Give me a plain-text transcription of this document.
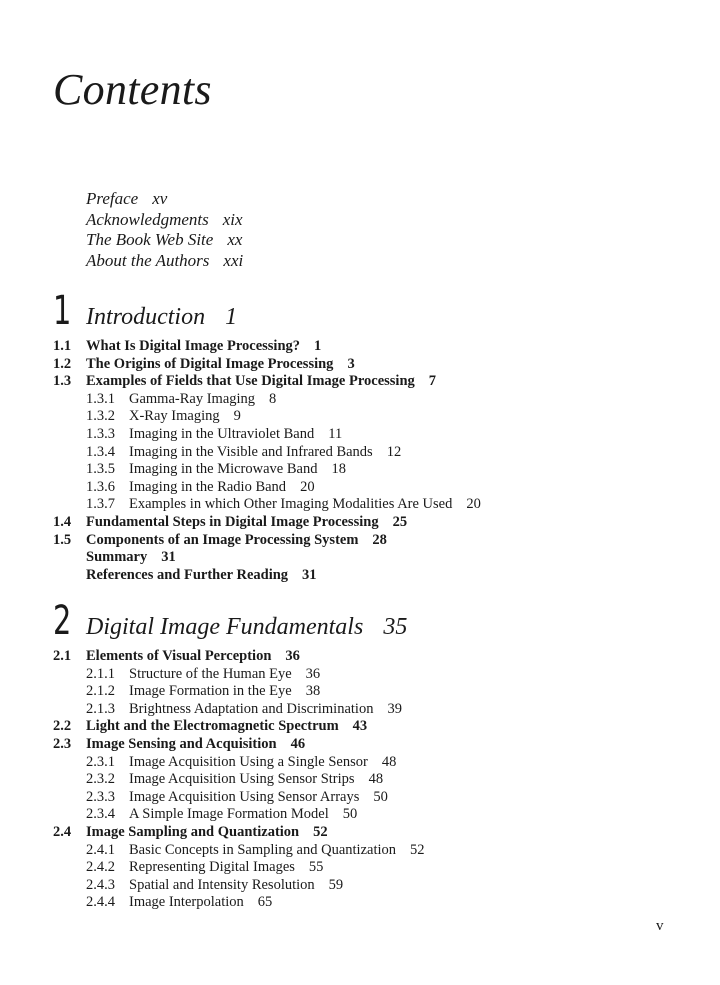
Contents
Preface xv
Acknowledgments xix
The Book Web Site xx
About the Authors xxi
1 Introduction 1
1.1 What Is Digital Image Processing? 1
1.2 The Origins of Digital Image Processing 3
1.3 Examples of Fields that Use Digital Image Processing 7
1.3.1 Gamma-Ray Imaging 8
1.3.2 X-Ray Imaging 9
1.3.3 Imaging in the Ultraviolet Band 11
1.3.4 Imaging in the Visible and Infrared Bands 12
1.3.5 Imaging in the Microwave Band 18
1.3.6 Imaging in the Radio Band 20
1.3.7 Examples in which Other Imaging Modalities Are Used 20
1.4 Fundamental Steps in Digital Image Processing 25
1.5 Components of an Image Processing System 28
Summary 31
References and Further Reading 31
2 Digital Image Fundamentals 35
2.1 Elements of Visual Perception 36
2.1.1 Structure of the Human Eye 36
2.1.2 Image Formation in the Eye 38
2.1.3 Brightness Adaptation and Discrimination 39
2.2 Light and the Electromagnetic Spectrum 43
2.3 Image Sensing and Acquisition 46
2.3.1 Image Acquisition Using a Single Sensor 48
2.3.2 Image Acquisition Using Sensor Strips 48
2.3.3 Image Acquisition Using Sensor Arrays 50
2.3.4 A Simple Image Formation Model 50
2.4 Image Sampling and Quantization 52
2.4.1 Basic Concepts in Sampling and Quantization 52
2.4.2 Representing Digital Images 55
2.4.3 Spatial and Intensity Resolution 59
2.4.4 Image Interpolation 65
v
